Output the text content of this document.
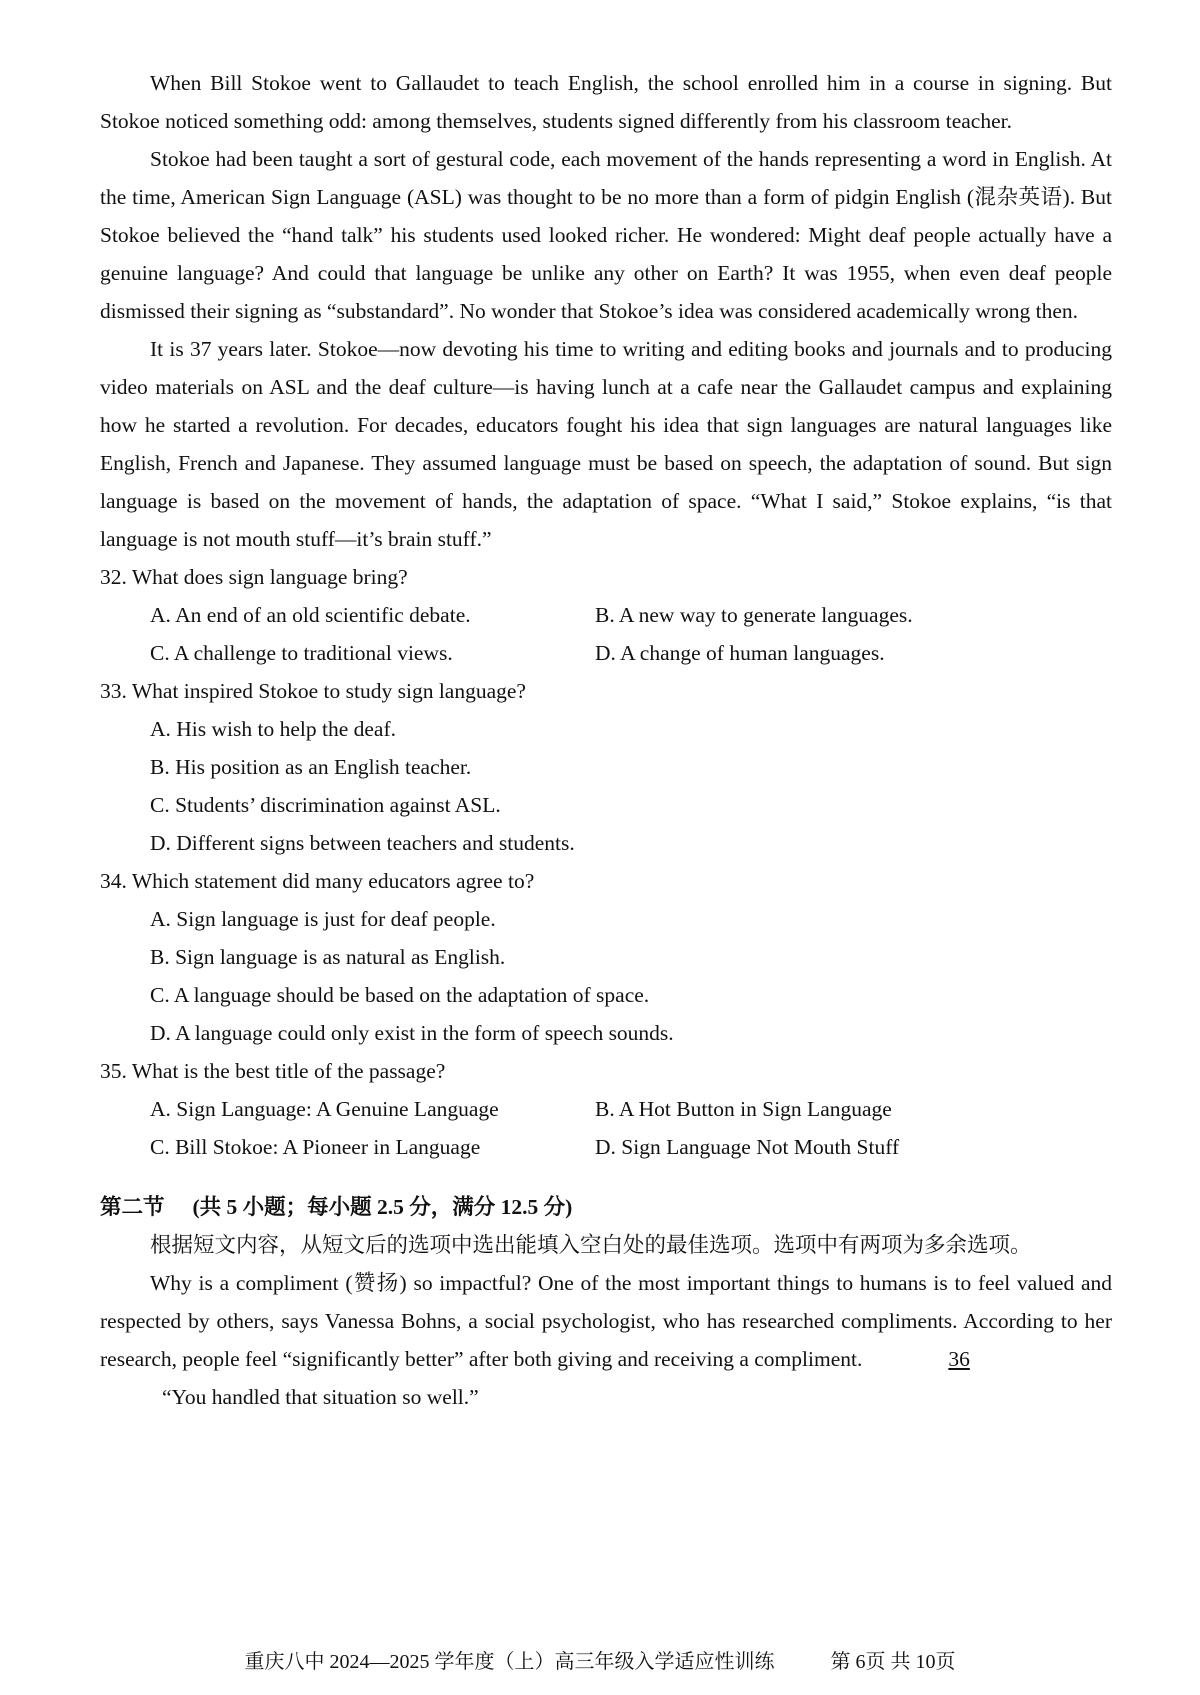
When Bill Stokoe went to Gallaudet to teach English, the school enrolled him in a course in signing. But Stokoe noticed something odd: among themselves, students signed differently from his classroom teacher.

Stokoe had been taught a sort of gestural code, each movement of the hands representing a word in English. At the time, American Sign Language (ASL) was thought to be no more than a form of pidgin English (混杂英语). But Stokoe believed the “hand talk” his students used looked richer. He wondered: Might deaf people actually have a genuine language? And could that language be unlike any other on Earth? It was 1955, when even deaf people dismissed their signing as “substandard”. No wonder that Stokoe’s idea was considered academically wrong then.

It is 37 years later. Stokoe—now devoting his time to writing and editing books and journals and to producing video materials on ASL and the deaf culture—is having lunch at a cafe near the Gallaudet campus and explaining how he started a revolution. For decades, educators fought his idea that sign languages are natural languages like English, French and Japanese. They assumed language must be based on speech, the adaptation of sound. But sign language is based on the movement of hands, the adaptation of space. “What I said,” Stokoe explains, “is that language is not mouth stuff—it’s brain stuff.”

32. What does sign language bring?

A. An end of an old scientific debate.	B. A new way to generate languages.
C. A challenge to traditional views.	D. A change of human languages.

33. What inspired Stokoe to study sign language?

A. His wish to help the deaf.

B. His position as an English teacher.

C. Students’ discrimination against ASL.

D. Different signs between teachers and students.

34. Which statement did many educators agree to?

A. Sign language is just for deaf people.

B. Sign language is as natural as English.

C. A language should be based on the adaptation of space.

D. A language could only exist in the form of speech sounds.

35. What is the best title of the passage?

A. Sign Language: A Genuine Language	B. A Hot Button in Sign Language
C. Bill Stokoe: A Pioneer in Language	D. Sign Language Not Mouth Stuff

第二节 (共 5 小题；每小题 2.5 分，满分 12.5 分)

根据短文内容，从短文后的选项中选出能填入空白处的最佳选项。选项中有两项为多余选项。

Why is a compliment (赞扬) so impactful? One of the most important things to humans is to feel valued and respected by others, says Vanessa Bohns, a social psychologist, who has researched compliments. According to her research, people feel “significantly better” after both giving and receiving a compliment.	36

“You handled that situation so well.”

重庆八中 2024—2025 学年度（上）高三年级入学适应性训练	第 6页 共 10页
